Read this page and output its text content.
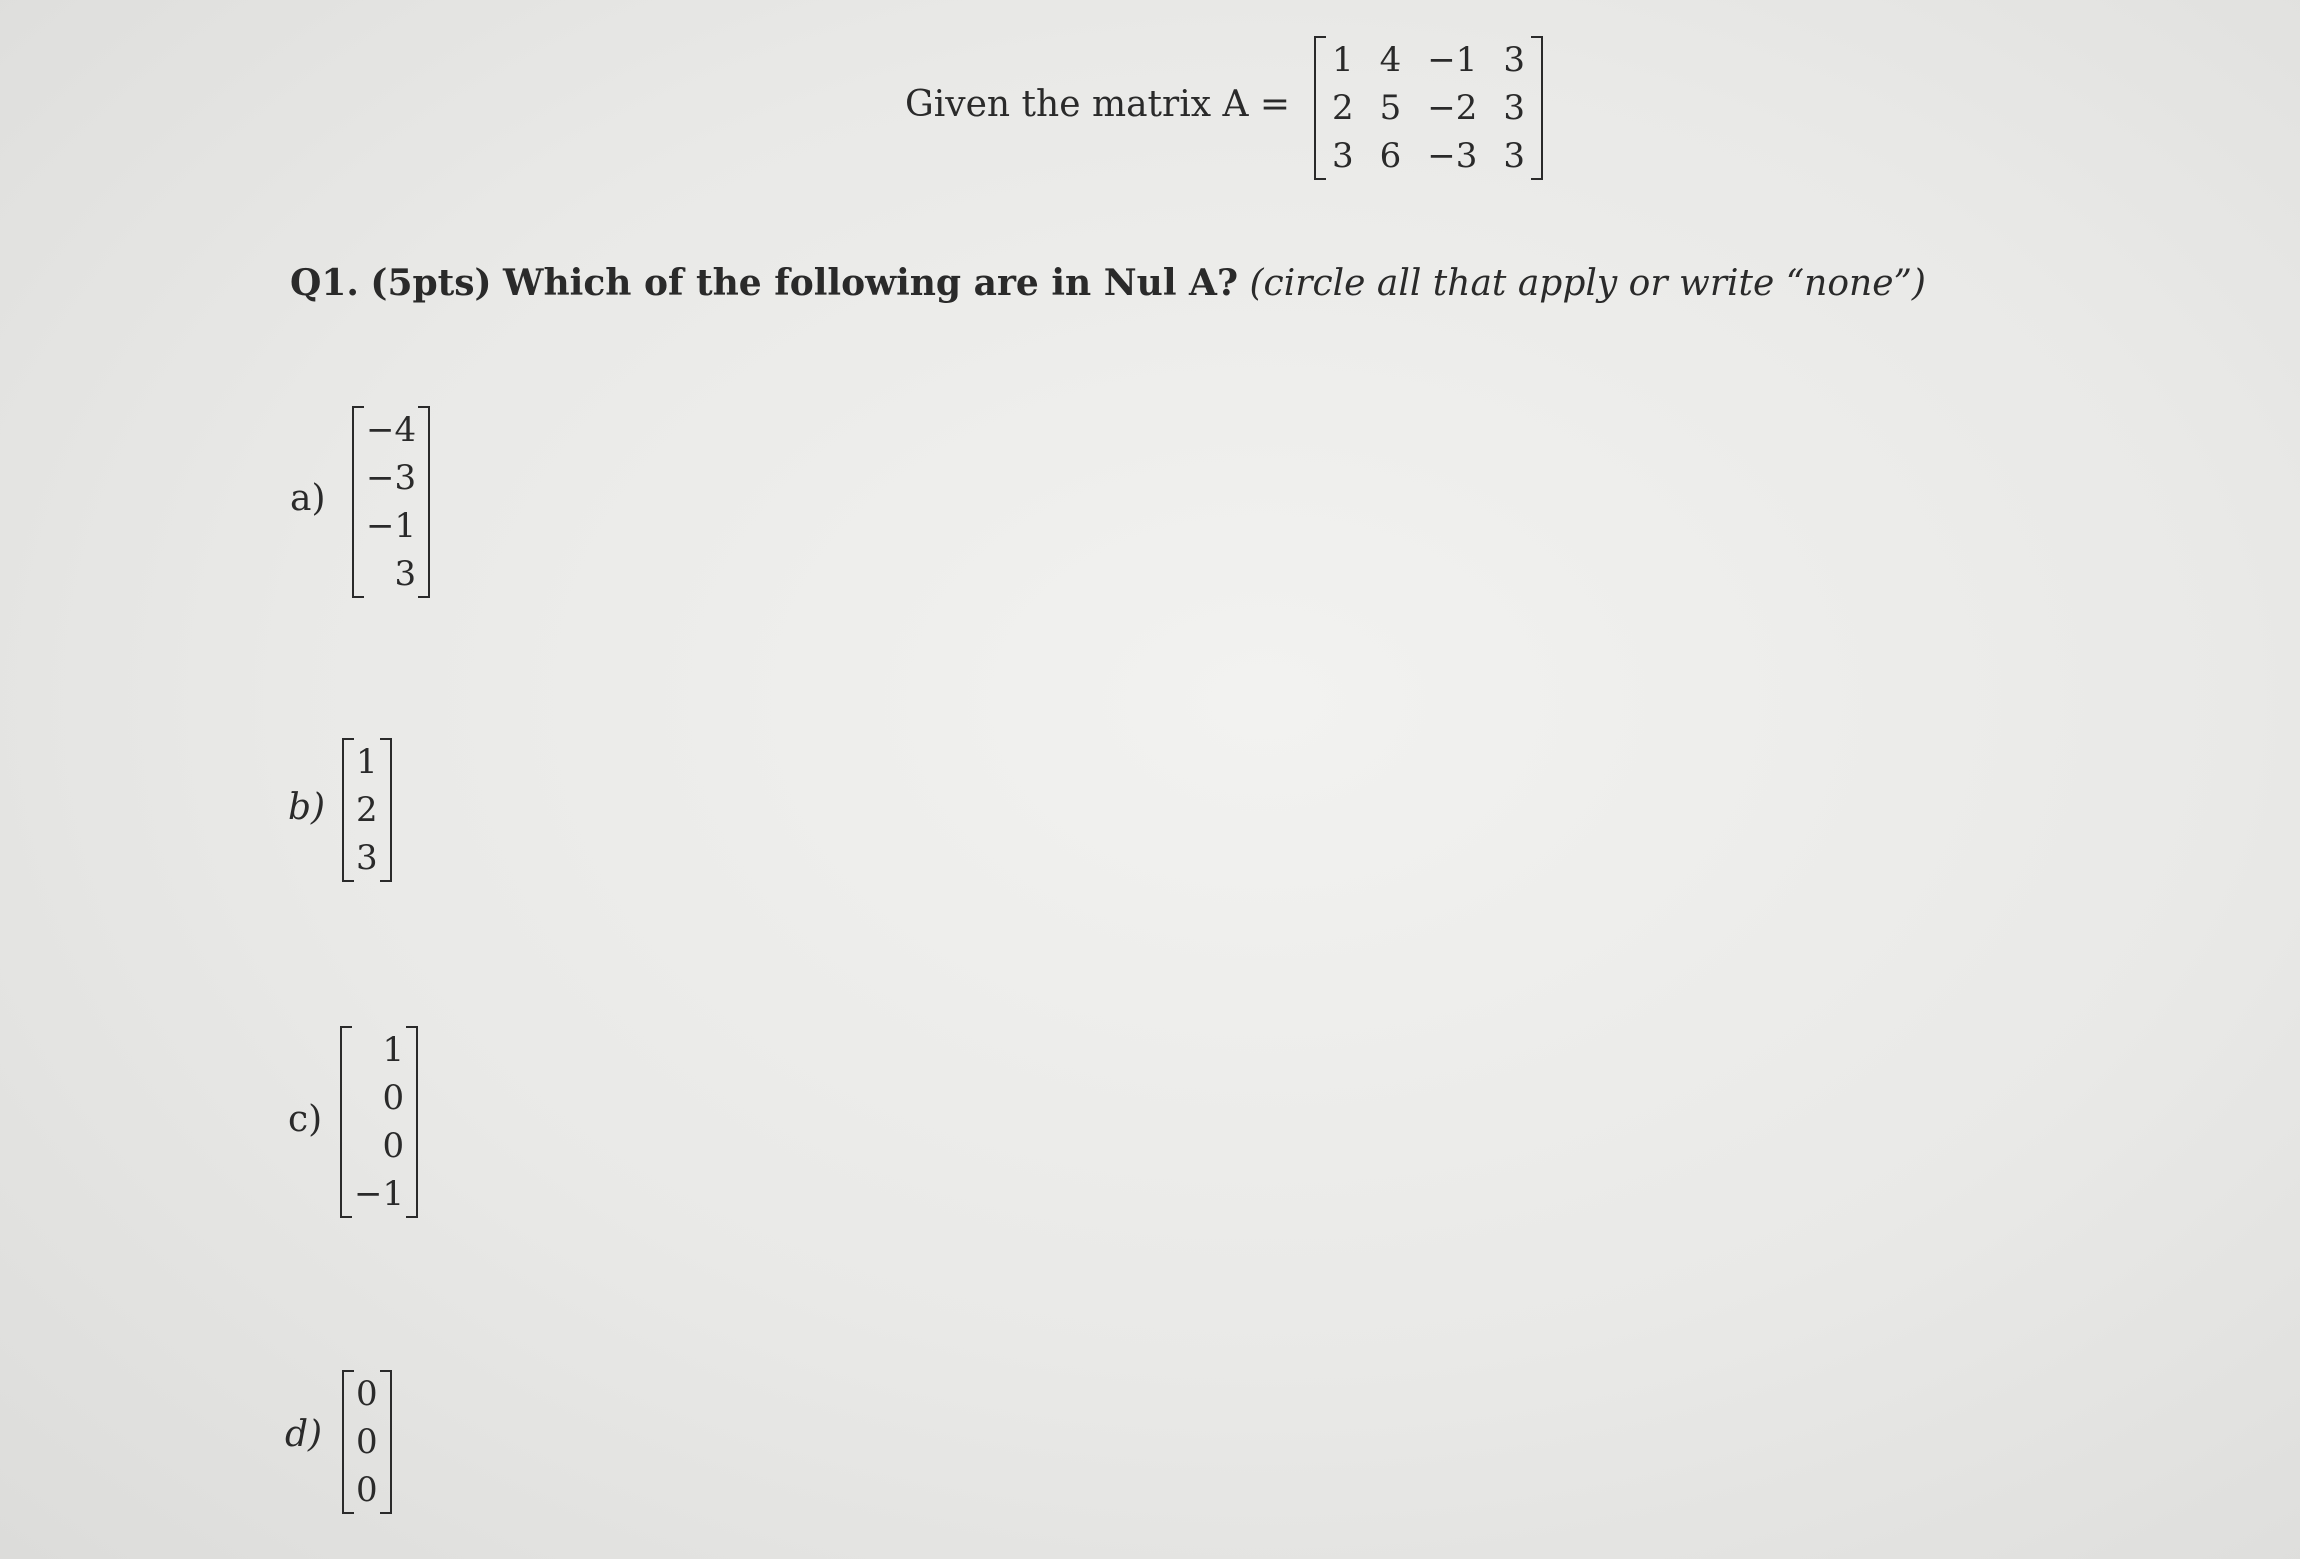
Given the matrix A =
1 4 −1 3
2 5 −2 3
3 6 −3 3
Q1. (5pts) Which of the following are in Nul A? (circle all that apply or write “none”)
a)
−4
−3
−1
3
b)
1
2
3
c)
1
0
0
−1
d)
0
0
0
